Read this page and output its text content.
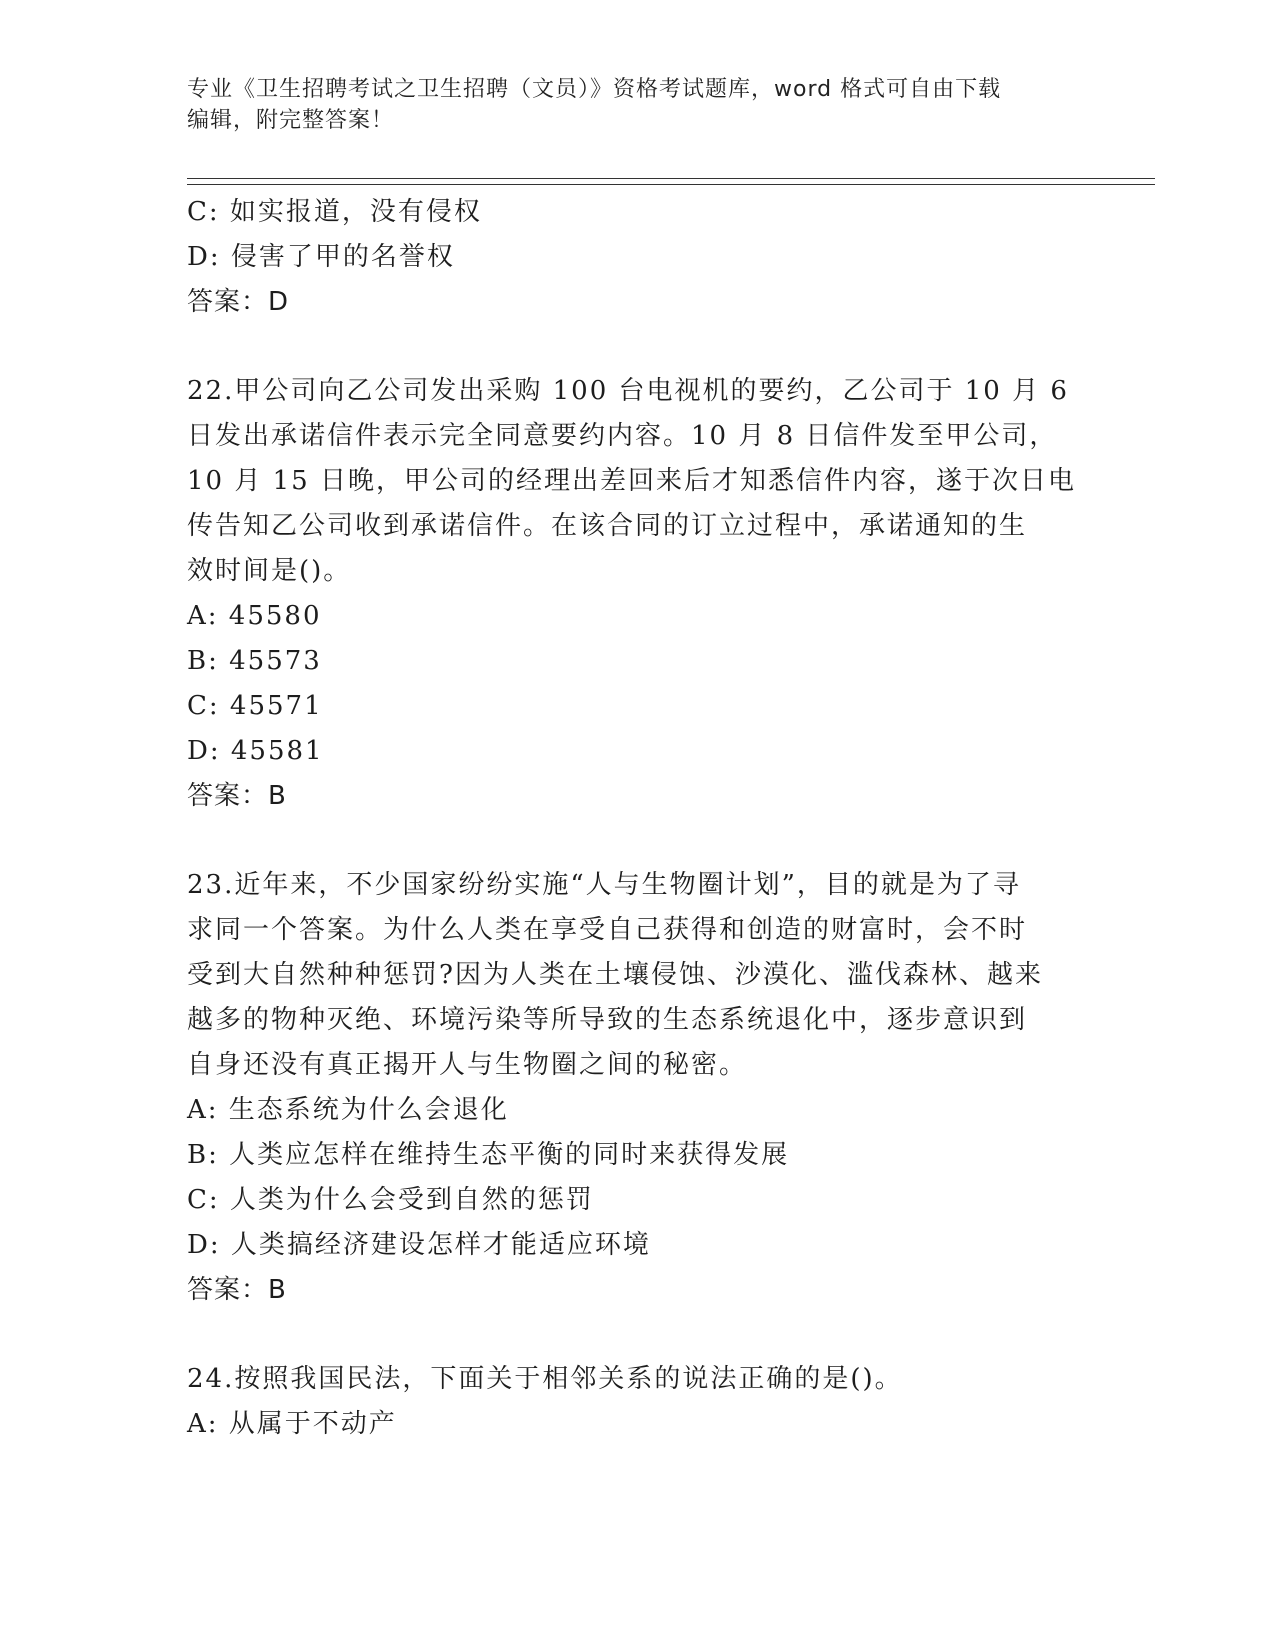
专业《卫生招聘考试之卫生招聘（文员）》资格考试题库，word 格式可自由下载
编辑，附完整答案！
C: 如实报道，没有侵权
D: 侵害了甲的名誉权
答案：D
22.甲公司向乙公司发出采购 100 台电视机的要约，乙公司于 10 月 6
日发出承诺信件表示完全同意要约内容。10 月 8 日信件发至甲公司，
10 月 15 日晚，甲公司的经理出差回来后才知悉信件内容，遂于次日电
传告知乙公司收到承诺信件。在该合同的订立过程中，承诺通知的生
效时间是()。
A: 45580
B: 45573
C: 45571
D: 45581
答案：B
23.近年来，不少国家纷纷实施“人与生物圈计划”，目的就是为了寻
求同一个答案。为什么人类在享受自己获得和创造的财富时，会不时
受到大自然种种惩罚?因为人类在土壤侵蚀、沙漠化、滥伐森林、越来
越多的物种灭绝、环境污染等所导致的生态系统退化中，逐步意识到
自身还没有真正揭开人与生物圈之间的秘密。
A: 生态系统为什么会退化
B: 人类应怎样在维持生态平衡的同时来获得发展
C: 人类为什么会受到自然的惩罚
D: 人类搞经济建设怎样才能适应环境
答案：B
24.按照我国民法，下面关于相邻关系的说法正确的是()。
A: 从属于不动产
